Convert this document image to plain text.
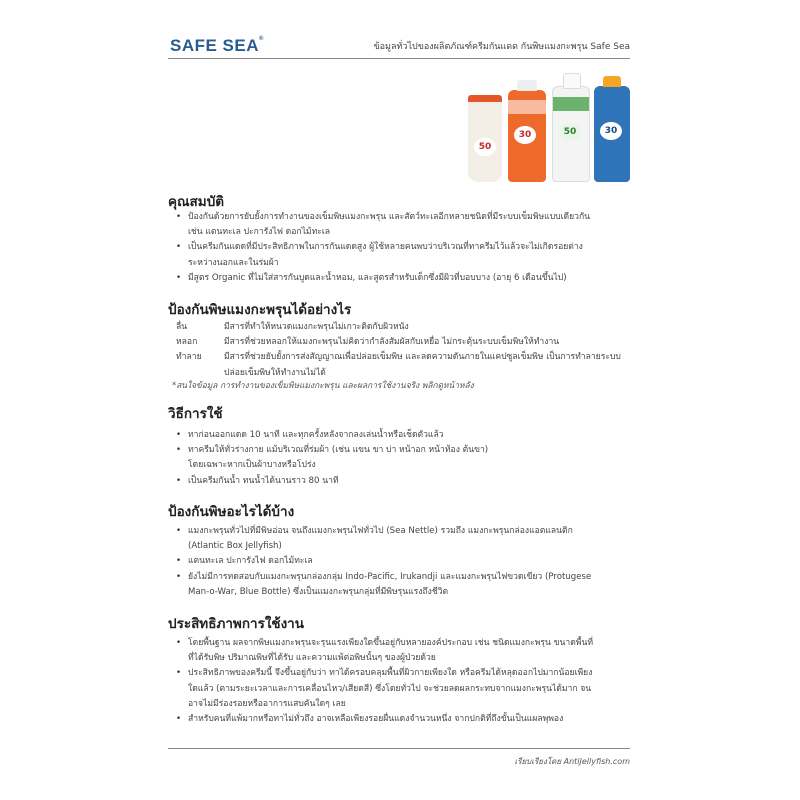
SAFE SEA®
ข้อมูลทั่วไปของผลิตภัณฑ์ครีมกันแดด กันพิษแมงกะพรุน Safe Sea
50
30	50	30
คุณสมบัติ
• ป้องกันด้วยการยับยั้งการทำงานของเข็มพิษแมงกะพรุน และสัตว์ทะเลอีกหลายชนิดที่มีระบบเข็มพิษแบบเดียวกัน
เช่น แตนทะเล ปะการังไฟ ดอกไม้ทะเล
• เป็นครีมกันแดดที่มีประสิทธิภาพในการกันแดดสูง ผู้ใช้หลายคนพบว่าบริเวณที่ทาครีมไว้แล้วจะไม่เกิดรอยต่าง
ระหว่างนอกและในร่มผ้า
• มีสูตร Organic ที่ไม่ใส่สารกันบูดและน้ำหอม, และสูตรสำหรับเด็กซึ่งมีผิวที่บอบบาง (อายุ 6 เดือนขึ้นไป)
ป้องกันพิษแมงกะพรุนได้อย่างไร
ลื่น	มีสารที่ทำให้หนวดแมงกะพรุนไม่เกาะติดกับผิวหนัง
หลอก	มีสารที่ช่วยหลอกให้แมงกะพรุนไม่คิดว่ากำลังสัมผัสกับเหยื่อ ไม่กระตุ้นระบบเข็มพิษให้ทำงาน
ทำลาย	มีสารที่ช่วยยับยั้งการส่งสัญญาณเพื่อปล่อยเข็มพิษ และลดความดันภายในแคปซูลเข็มพิษ เป็นการทำลายระบบ
ปล่อยเข็มพิษให้ทำงานไม่ได้
*สนใจข้อมูล การทำงานของเข็มพิษแมงกะพรุน และผลการใช้งานจริง พลิกดูหน้าหลัง
วิธีการใช้
• ทาก่อนออกแดด 10 นาที และทุกครั้งหลังจากลงเล่นน้ำหรือเช็ดตัวแล้ว
• ทาครีมให้ทั่วร่างกาย แม้บริเวณที่ร่มผ้า (เช่น แขน ขา บ่า หน้าอก หน้าท้อง ต้นขา)
โดยเฉพาะหากเป็นผ้าบางหรือโปร่ง
• เป็นครีมกันน้ำ ทนน้ำได้นานราว 80 นาที
ป้องกันพิษอะไรได้บ้าง
• แมงกะพรุนทั่วไปที่มีพิษอ่อน จนถึงแมงกะพรุนไฟทั่วไป (Sea Nettle) รวมถึง แมงกะพรุนกล่องแอตแลนติก
(Atlantic Box Jellyfish)
• แตนทะเล ปะการังไฟ ดอกไม้ทะเล
• ยังไม่มีการทดสอบกับแมงกะพรุนกล่องกลุ่ม Indo-Pacific, Irukandji และแมงกะพรุนไฟขวดเขียว (Protugese
Man-o-War, Blue Bottle) ซึ่งเป็นแมงกะพรุนกลุ่มที่มีพิษรุนแรงถึงชีวิต
ประสิทธิภาพการใช้งาน
• โดยพื้นฐาน ผลจากพิษแมงกะพรุนจะรุนแรงเพียงใดขึ้นอยู่กับหลายองค์ประกอบ เช่น ชนิดแมงกะพรุน ขนาดพื้นที่
ที่ได้รับพิษ ปริมาณพิษที่ได้รับ และความแพ้ต่อพิษนั้นๆ ของผู้ป่วยด้วย
• ประสิทธิภาพของครีมนี้ จึงขึ้นอยู่กับว่า ทาได้ครอบคลุมพื้นที่ผิวกายเพียงใด หรือครีมได้หลุดออกไปมากน้อยเพียง
ใดแล้ว (ตามระยะเวลาและการเคลื่อนไหว/เสียดสี) ซึ่งโดยทั่วไป จะช่วยลดผลกระทบจากแมงกะพรุนได้มาก จน
อาจไม่มีร่องรอยหรืออาการแสบคันใดๆ เลย
• สำหรับคนที่แพ้มากหรือทาไม่ทั่วถึง อาจเหลือเพียงรอยผื่นแดงจำนวนหนึ่ง จากปกติที่ถึงขั้นเป็นแผลพุพอง
เรียบเรียงโดย AntiJellyfish.com
